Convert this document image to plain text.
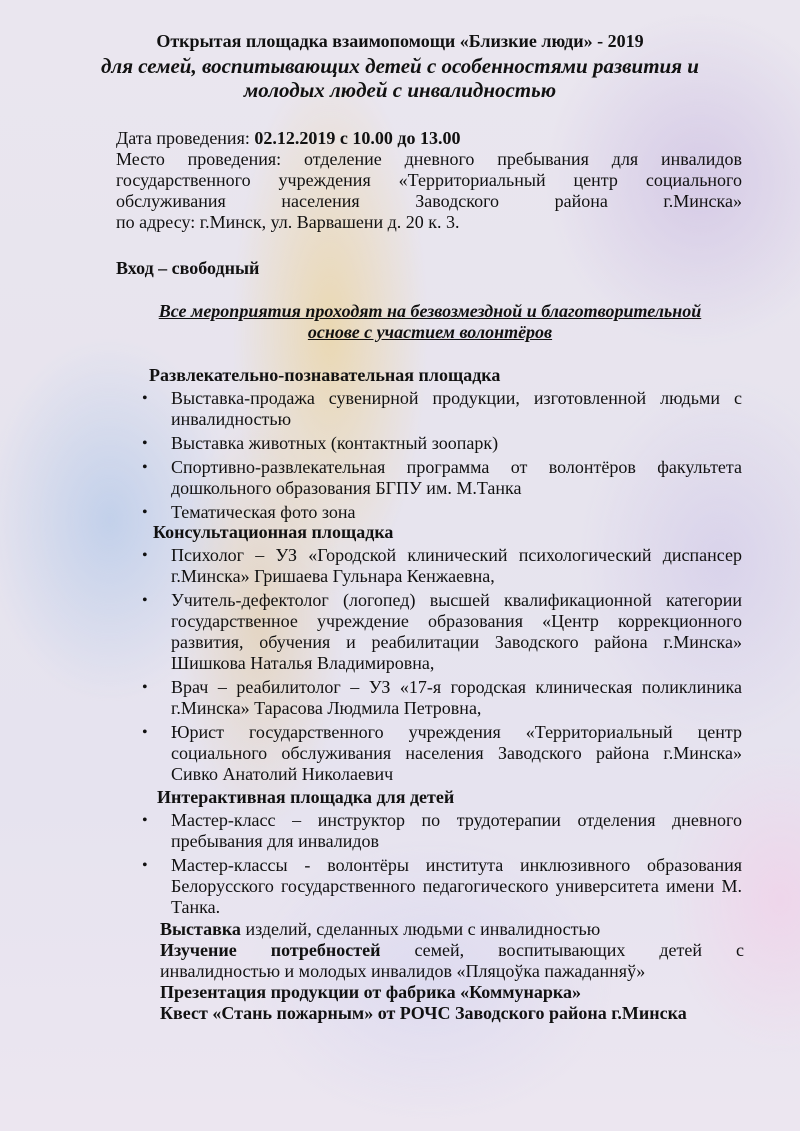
Открытая площадка взаимопомощи «Близкие люди» - 2019
для семей, воспитывающих детей с особенностями развития и
молодых людей с инвалидностью
Дата проведения: 02.12.2019 с 10.00 до 13.00
Место проведения: отделение дневного пребывания для инвалидов
государственного учреждения «Территориальный центр социального
обслуживания населения Заводского района г.Минска»
по адресу: г.Минск, ул. Варвашени д. 20 к. 3.
Вход – свободный
Все мероприятия проходят на безвозмездной и благотворительной
основе с участием волонтёров
Развлекательно-познавательная площадка
• Выставка-продажа сувенирной продукции, изготовленной людьми с инвалидностью
• Выставка животных (контактный зоопарк)
• Спортивно-развлекательная программа от волонтёров факультета дошкольного образования БГПУ им. М.Танка
• Тематическая фото зона
Консультационная площадка
• Психолог – УЗ «Городской клинический психологический диспансер г.Минска» Гришаева Гульнара Кенжаевна,
• Учитель-дефектолог (логопед) высшей квалификационной категории государственное учреждение образования «Центр коррекционного развития, обучения и реабилитации Заводского района г.Минска» Шишкова Наталья Владимировна,
• Врач – реабилитолог – УЗ «17-я городская клиническая поликлиника г.Минска» Тарасова Людмила Петровна,
• Юрист государственного учреждения «Территориальный центр социального обслуживания населения Заводского района г.Минска» Сивко Анатолий Николаевич
Интерактивная площадка для детей
• Мастер-класс – инструктор по трудотерапии отделения дневного пребывания для инвалидов
• Мастер-классы - волонтёры института инклюзивного образования Белорусского государственного педагогического университета имени М. Танка.
Выставка изделий, сделанных людьми с инвалидностью
Изучение потребностей семей, воспитывающих детей с
инвалидностью и молодых инвалидов «Пляцоўка пажаданняў»
Презентация продукции от фабрика «Коммунарка»
Квест «Стань пожарным» от РОЧС Заводского района г.Минска
